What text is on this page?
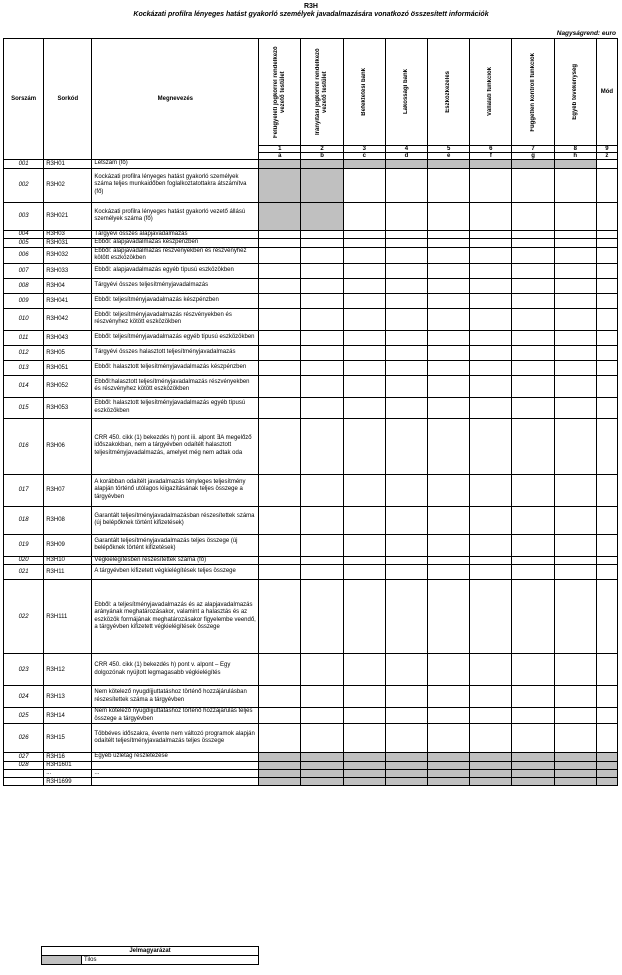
R3H
Kockázati profilra lényeges hatást gyakorló személyek javadalmazására vonatkozó összesített információk
Nagyságrend: euro
Sorszám	Sorkód	Megnevezés	Felügyeleti jogkörrel rendelkező vezető testület	Irányítási jogkörrel rendelkező vezető testület	Befektetési bank	Lakossági bank	Eszközkezelés	Vállalati funkciók	Független kontroll funkciók	Egyéb tevékenység	Mód
			1	2	3	4	5	6	7	8	9
			a	b	c	d	e	f	g	h	z
001	R3H01	Létszám (fő)									
002	R3H02	Kockázati profilra lényeges hatást gyakorló személyek száma teljes munkaidőben foglalkoztatottakra átszámítva (fő)									
003	R3H021	Kockázati profilra lényeges hatást gyakorló vezető állású személyek száma (fő)									
004	R3H03	Tárgyévi összes alapjavadalmazás									
005	R3H031	Ebből: alapjavadalmazás készpénzben									
006	R3H032	Ebből: alapjavadalmazás részvényekben és részvényhez kötött eszközökben									
007	R3H033	Ebből: alapjavadalmazás egyéb típusú eszközökben									
008	R3H04	Tárgyévi összes teljesítményjavadalmazás									
009	R3H041	Ebből: teljesítményjavadalmazás készpénzben									
010	R3H042	Ebből: teljesítményjavadalmazás részvényekben és részvényhez kötött eszközökben									
011	R3H043	Ebből: teljesítményjavadalmazás egyéb típusú eszközökben									
012	R3H05	Tárgyévi összes halasztott teljesítményjavadalmazás									
013	R3H051	Ebből: halasztott teljesítményjavadalmazás készpénzben									
014	R3H052	Ebből:halasztott teljesítményjavadalmazás részvényekben és részvényhez kötött eszközökben									
015	R3H053	Ebből: halasztott teljesítményjavadalmazás egyéb típusú eszközökben									
016	R3H06	CRR 450. cikk (1) bekezdés h) pont iii. alpont ∃A megelőző időszakokban, nem a tárgyévben odaítélt halasztott teljesítményjavadalmazás, amelyet még nem adtak oda									
017	R3H07	A korábban odaítélt javadalmazás tényleges teljesítmény alapján történő utólagos kiigazításának teljes összege a tárgyévben									
018	R3H08	Garantált teljesítményjavadalmazásban részesítettek száma (új belépőknek történt kifizetések)									
019	R3H09	Garantált teljesítményjavadalmazás teljes összege (új belépőknek történt kifizetések)									
020	R3H10	Végkielégítésben részesítettek száma (fő)									
021	R3H11	A tárgyévben kifizetett végkielégítések teljes összege									
022	R3H111	Ebből: a teljesítményjavadalmazás és az alapjavadalmazás arányának meghatározásakor, valamint a halasztás és az eszközök formájának meghatározásakor figyelembe veendő, a tárgyévben kifizetett végkielégítések összege									
023	R3H12	CRR 450. cikk (1) bekezdés h) pont v. alpont – Egy dolgozónak nyújtott legmagasabb végkielégítés									
024	R3H13	Nem kötelező nyugdíjjuttatáshoz történő hozzájárulásban részesítettek száma a tárgyévben									
025	R3H14	Nem kötelező nyugdíjjuttatáshoz történő hozzájárulás teljes összege a tárgyévben									
026	R3H15	Többéves időszakra, évente nem változó programok alapján odaítélt teljesítményjavadalmazás teljes összege									
027	R3H16	Egyéb üzletág részletezése									
028	R3H1601										
	...	...									
	R3H1699										
Jelmagyarázat
	Tilos
